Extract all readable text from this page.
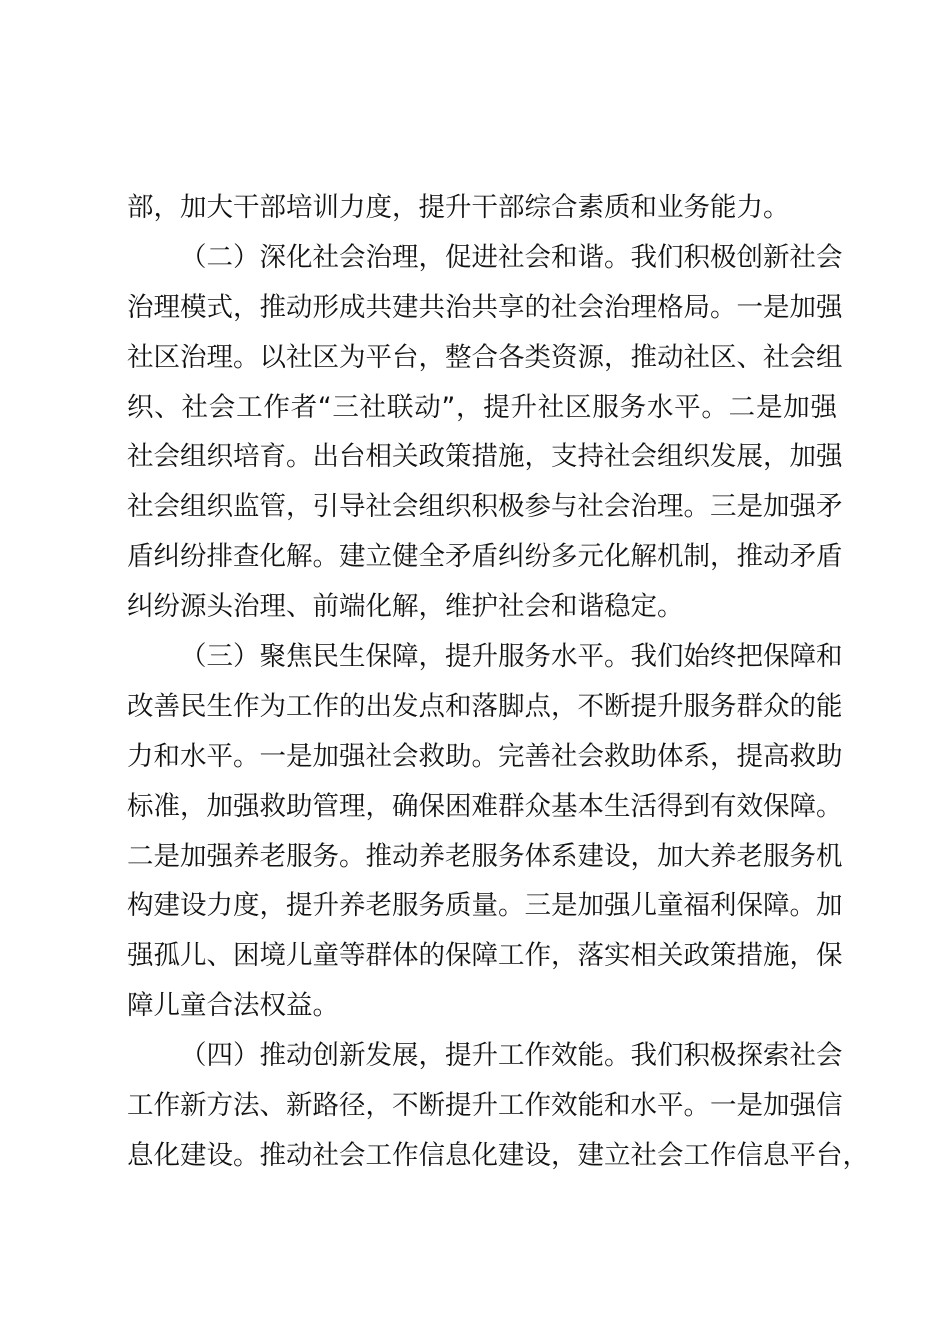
部，加大干部培训力度，提升干部综合素质和业务能力。
（二）深化社会治理，促进社会和谐。我们积极创新社会
治理模式，推动形成共建共治共享的社会治理格局。一是加强
社区治理。以社区为平台，整合各类资源，推动社区、社会组
织、社会工作者“三社联动”，提升社区服务水平。二是加强
社会组织培育。出台相关政策措施，支持社会组织发展，加强
社会组织监管，引导社会组织积极参与社会治理。三是加强矛
盾纠纷排查化解。建立健全矛盾纠纷多元化解机制，推动矛盾
纠纷源头治理、前端化解，维护社会和谐稳定。
（三）聚焦民生保障，提升服务水平。我们始终把保障和
改善民生作为工作的出发点和落脚点，不断提升服务群众的能
力和水平。一是加强社会救助。完善社会救助体系，提高救助
标准，加强救助管理，确保困难群众基本生活得到有效保障。
二是加强养老服务。推动养老服务体系建设，加大养老服务机
构建设力度，提升养老服务质量。三是加强儿童福利保障。加
强孤儿、困境儿童等群体的保障工作，落实相关政策措施，保
障儿童合法权益。
（四）推动创新发展，提升工作效能。我们积极探索社会
工作新方法、新路径，不断提升工作效能和水平。一是加强信
息化建设。推动社会工作信息化建设，建立社会工作信息平台，
